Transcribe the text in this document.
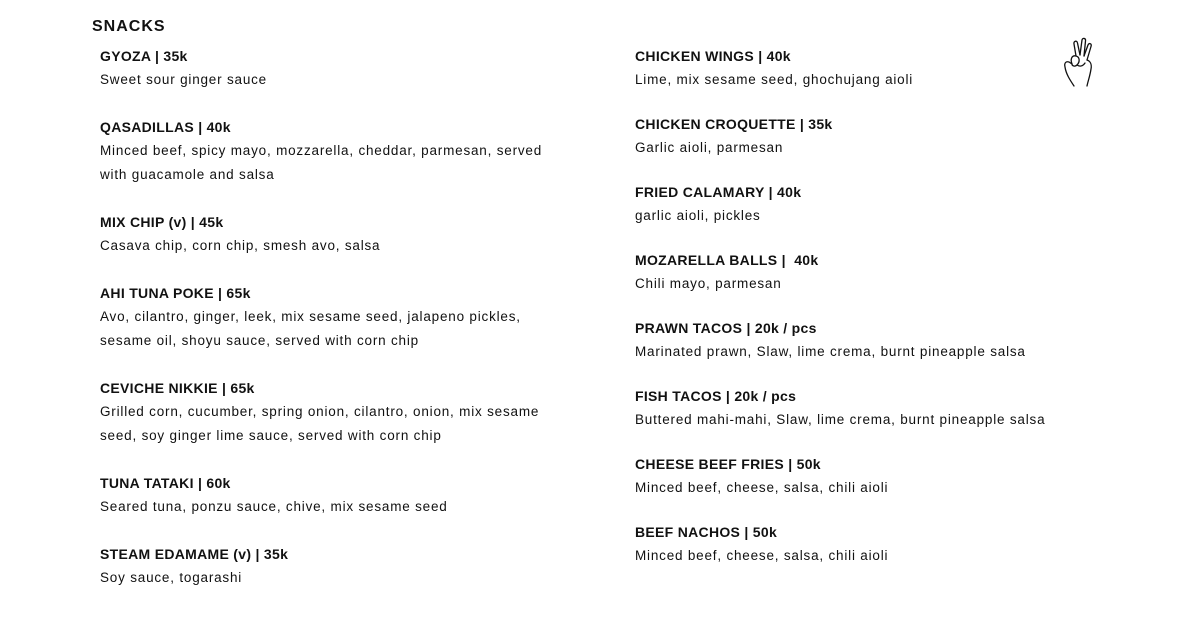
SNACKS

GYOZA | 35k

Sweet sour ginger sauce

QASADILLAS | 40k

Minced beef, spicy mayo, mozzarella, cheddar, parmesan, served with guacamole and salsa

MIX CHIP (v) | 45k

Casava chip, corn chip, smesh avo, salsa

AHI TUNA POKE | 65k

Avo, cilantro, ginger, leek, mix sesame seed, jalapeno pickles, sesame oil, shoyu sauce, served with corn chip

CEVICHE NIKKIE | 65k

Grilled corn, cucumber, spring onion, cilantro, onion, mix sesame seed, soy ginger lime sauce, served with corn chip

TUNA TATAKI | 60k

Seared tuna, ponzu sauce, chive, mix sesame seed

STEAM EDAMAME (v) | 35k

Soy sauce, togarashi

CHICKEN WINGS | 40k

Lime, mix sesame seed, ghochujang aioli

CHICKEN CROQUETTE | 35k

Garlic aioli, parmesan

FRIED CALAMARY | 40k

garlic aioli, pickles

MOZARELLA BALLS |  40k

Chili mayo, parmesan

PRAWN TACOS | 20k / pcs

Marinated prawn, Slaw, lime crema, burnt pineapple salsa

FISH TACOS | 20k / pcs

Buttered mahi-mahi, Slaw, lime crema, burnt pineapple salsa

CHEESE BEEF FRIES | 50k

Minced beef, cheese, salsa, chili aioli

BEEF NACHOS | 50k

Minced beef, cheese, salsa, chili aioli
